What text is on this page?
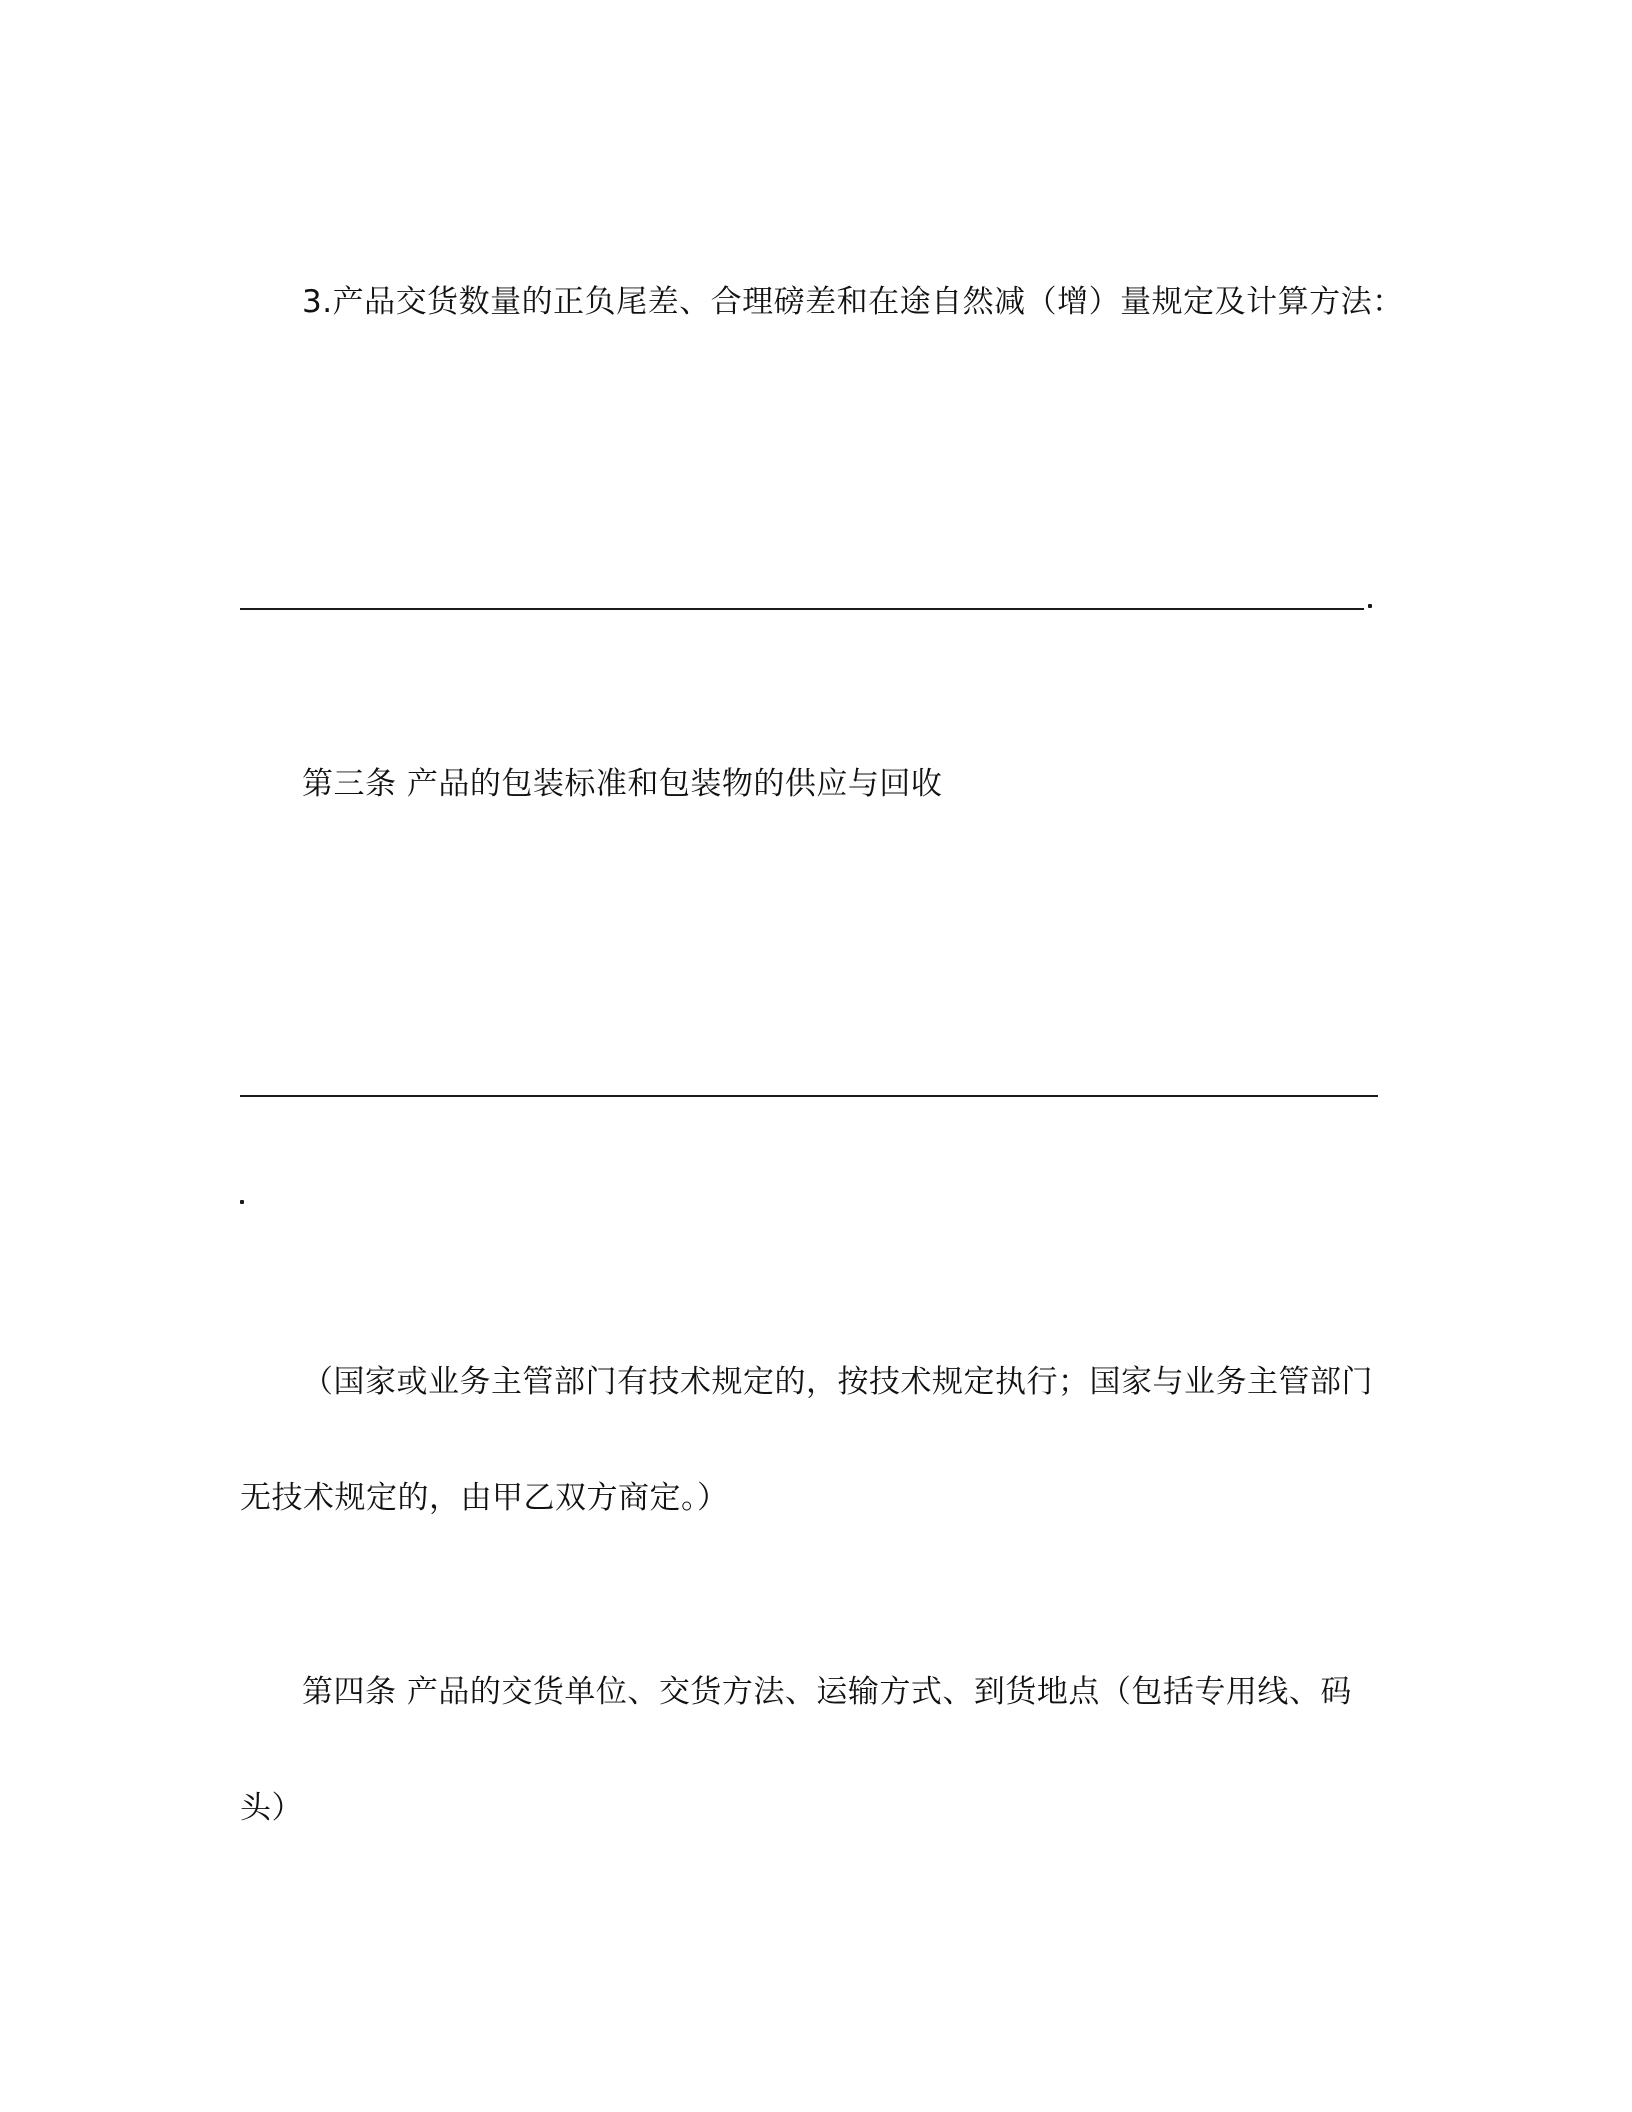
3.产品交货数量的正负尾差、合理磅差和在途自然减（增）量规定及计算方法：
第三条 产品的包装标准和包装物的供应与回收
（国家或业务主管部门有技术规定的，按技术规定执行；国家与业务主管部门
无技术规定的，由甲乙双方商定。）
第四条 产品的交货单位、交货方法、运输方式、到货地点（包括专用线、码
头）
